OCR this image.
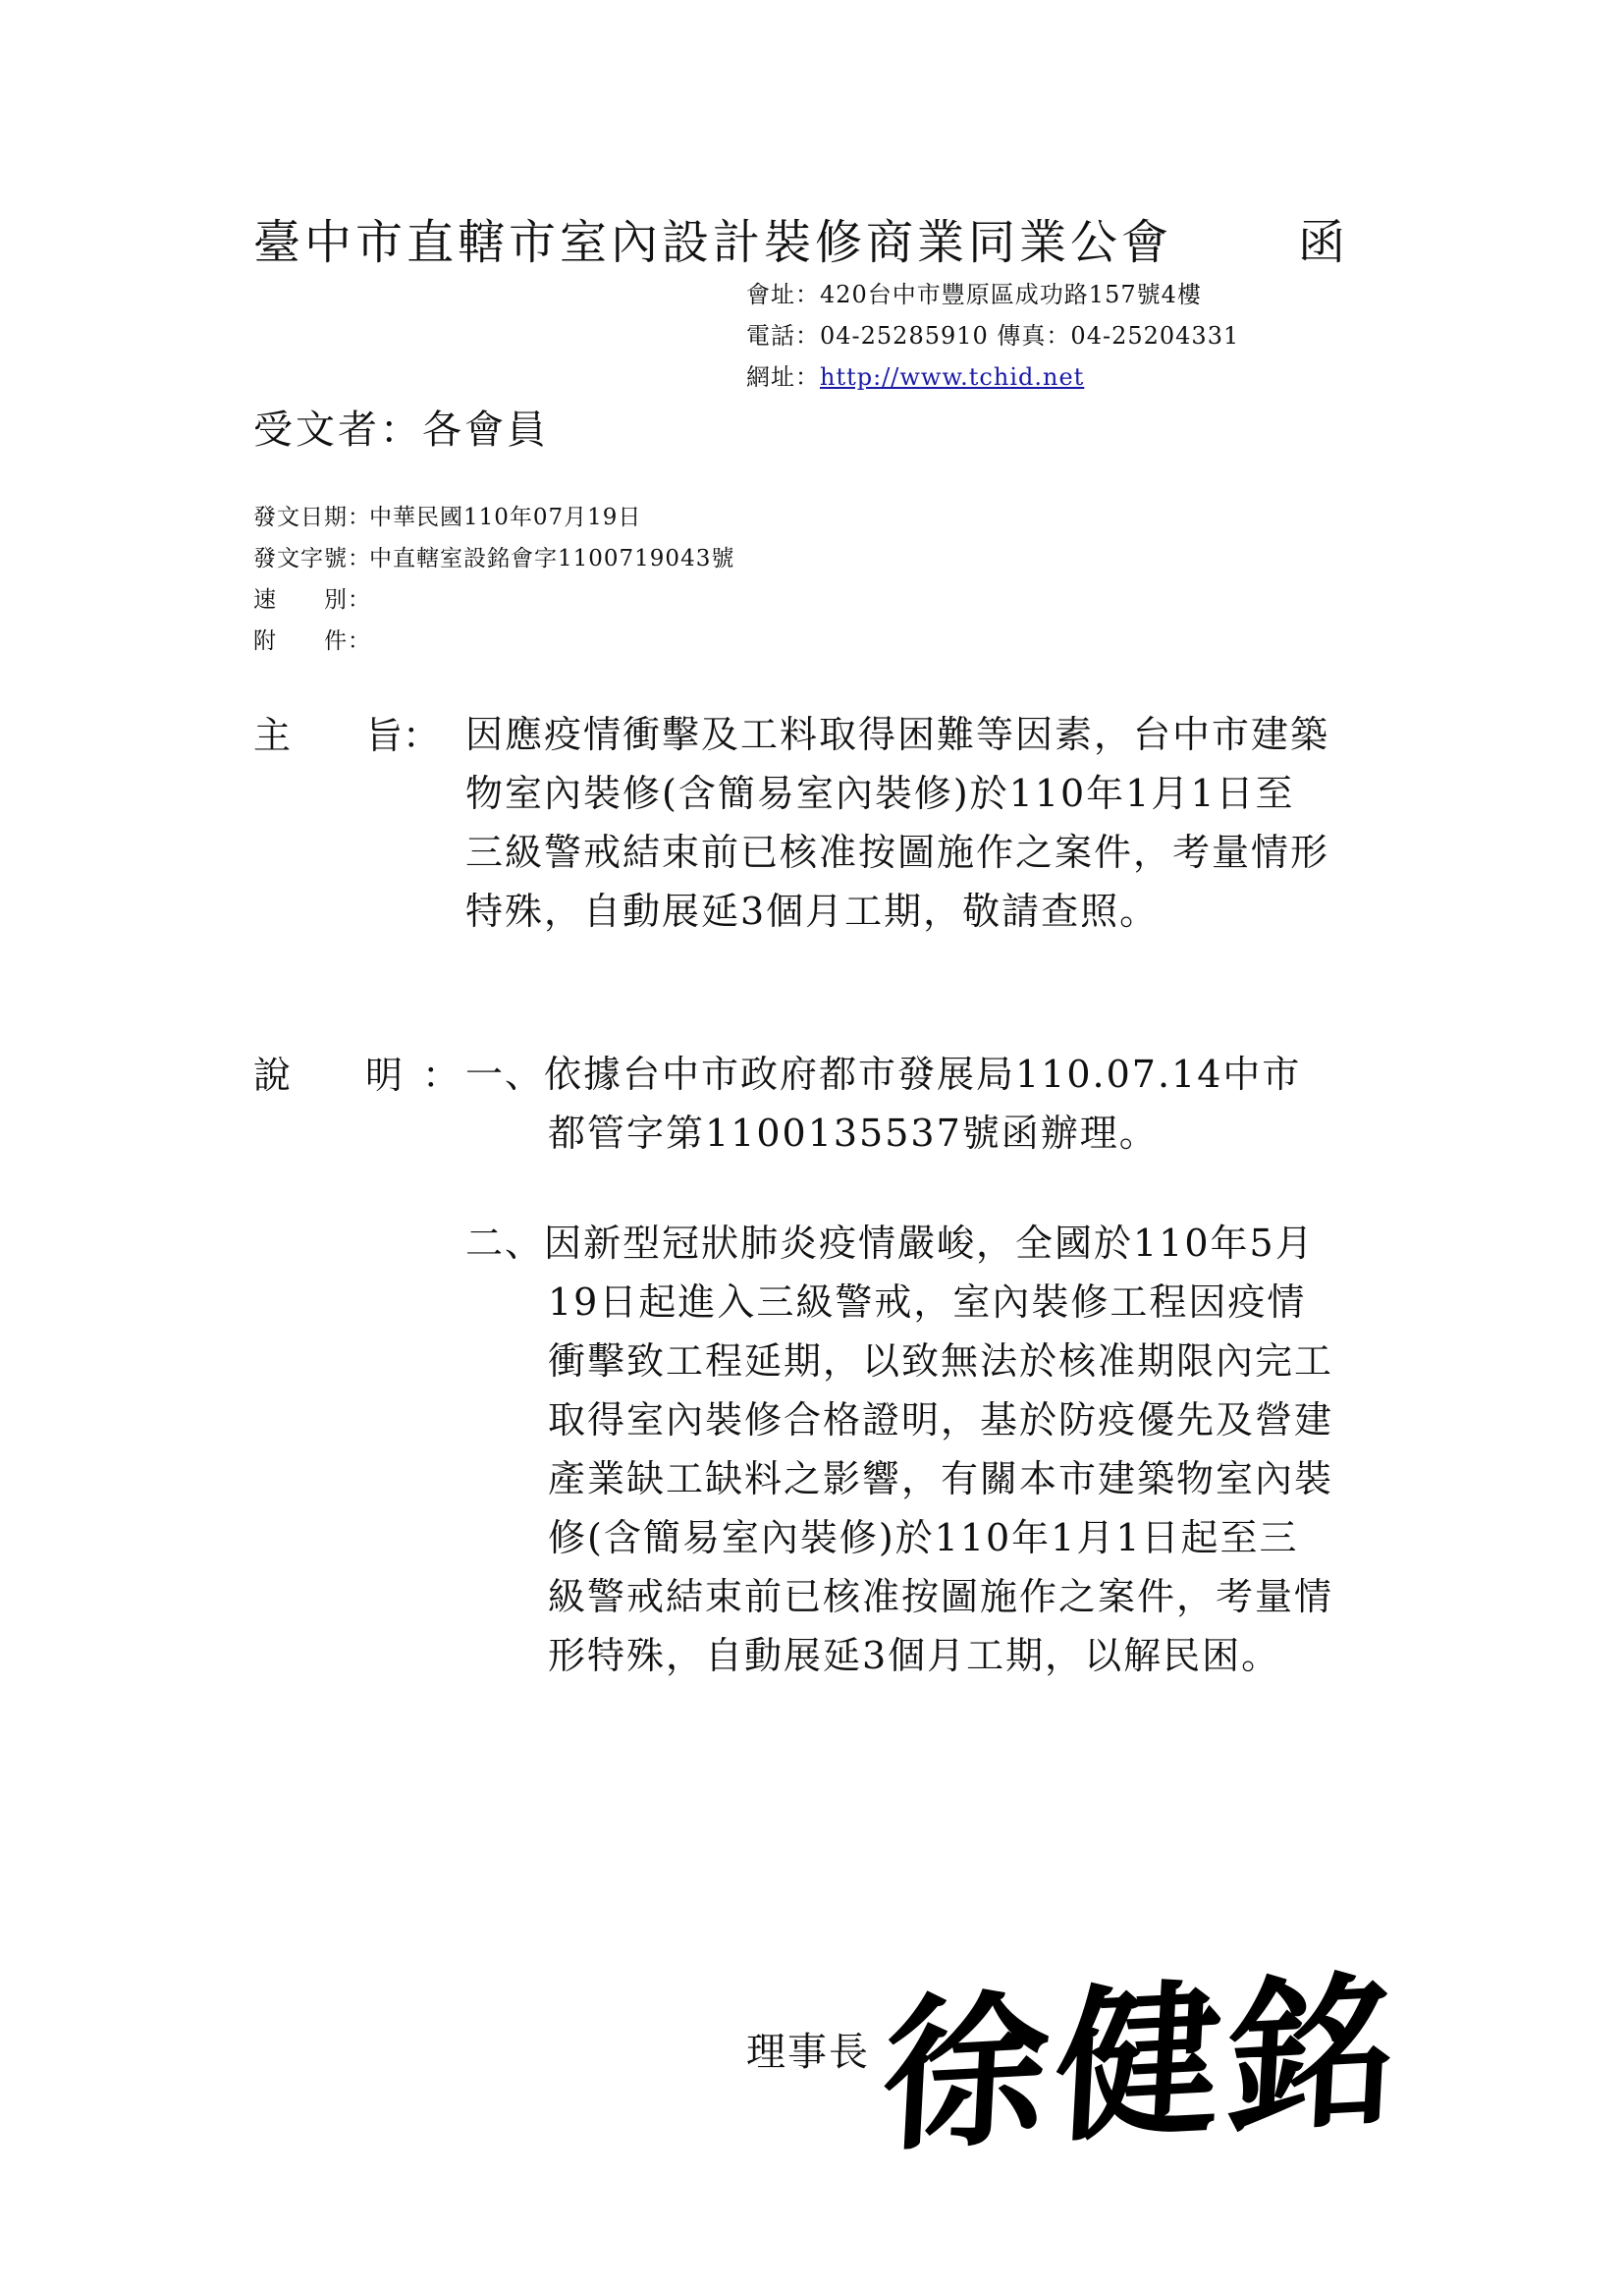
臺中市直轄市室內設計裝修商業同業公會	函
會址：420台中市豐原區成功路157號4樓
電話：04-25285910 傳真：04-25204331
網址：http://www.tchid.net
受文者：各會員
發文日期：中華民國110年07月19日
發文字號：中直轄室設銘會字1100719043號
速　　別：
附　　件：
主　　旨： 因應疫情衝擊及工料取得困難等因素，台中市建築
物室內裝修(含簡易室內裝修)於110年1月1日至
三級警戒結束前已核准按圖施作之案件，考量情形
特殊，自動展延3個月工期，敬請查照。
說　　明 ： 一、依據台中市政府都市發展局110.07.14中市
都管字第1100135537號函辦理。
二、因新型冠狀肺炎疫情嚴峻，全國於110年5月
19日起進入三級警戒，室內裝修工程因疫情
衝擊致工程延期，以致無法於核准期限內完工
取得室內裝修合格證明，基於防疫優先及營建
產業缺工缺料之影響，有關本市建築物室內裝
修(含簡易室內裝修)於110年1月1日起至三
級警戒結束前已核准按圖施作之案件，考量情
形特殊，自動展延3個月工期，以解民困。
理事長 徐健銘
